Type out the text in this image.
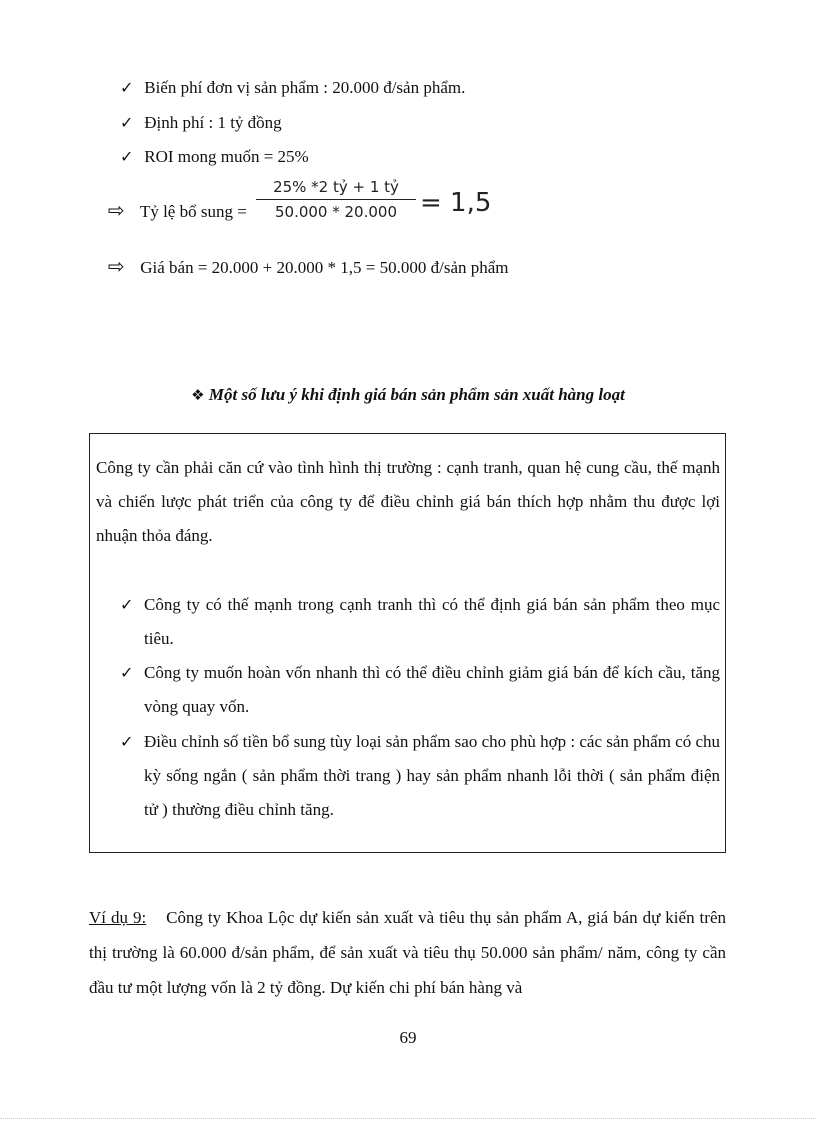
✓ Biến phí đơn vị sản phẩm : 20.000 đ/sản phẩm.
✓ Định phí : 1 tỷ đồng
✓ ROI mong muốn = 25%
⇨ Tỷ lệ bổ sung =
25% *2 tỷ + 1 tỷ
50.000 * 20.000 = 1,5
⇨ Giá bán = 20.000 + 20.000 * 1,5 = 50.000 đ/sản phẩm
❖ Một số lưu ý khi định giá bán sản phẩm sản xuất hàng loạt
Công ty cần phải căn cứ vào tình hình thị trường : cạnh tranh, quan hệ cung cầu, thế mạnh và chiến lược phát triển của công ty để điều chỉnh giá bán thích hợp nhằm thu được lợi nhuận thỏa đáng.
✓ Công ty có thế mạnh trong cạnh tranh thì có thể định giá bán sản phẩm theo mục tiêu.
✓ Công ty muốn hoàn vốn nhanh thì có thể điều chỉnh giảm giá bán để kích cầu, tăng vòng quay vốn.
✓ Điều chỉnh số tiền bổ sung tùy loại sản phẩm sao cho phù hợp : các sản phẩm có chu kỳ sống ngắn ( sản phẩm thời trang ) hay sản phẩm nhanh lỗi thời ( sản phẩm điện tử ) thường điều chỉnh tăng.
Ví dụ 9: Công ty Khoa Lộc dự kiến sản xuất và tiêu thụ sản phẩm A, giá bán dự kiến trên thị trường là 60.000 đ/sản phẩm, để sản xuất và tiêu thụ 50.000 sản phẩm/ năm, công ty cần đầu tư một lượng vốn là 2 tỷ đồng. Dự kiến chi phí bán hàng và
69
